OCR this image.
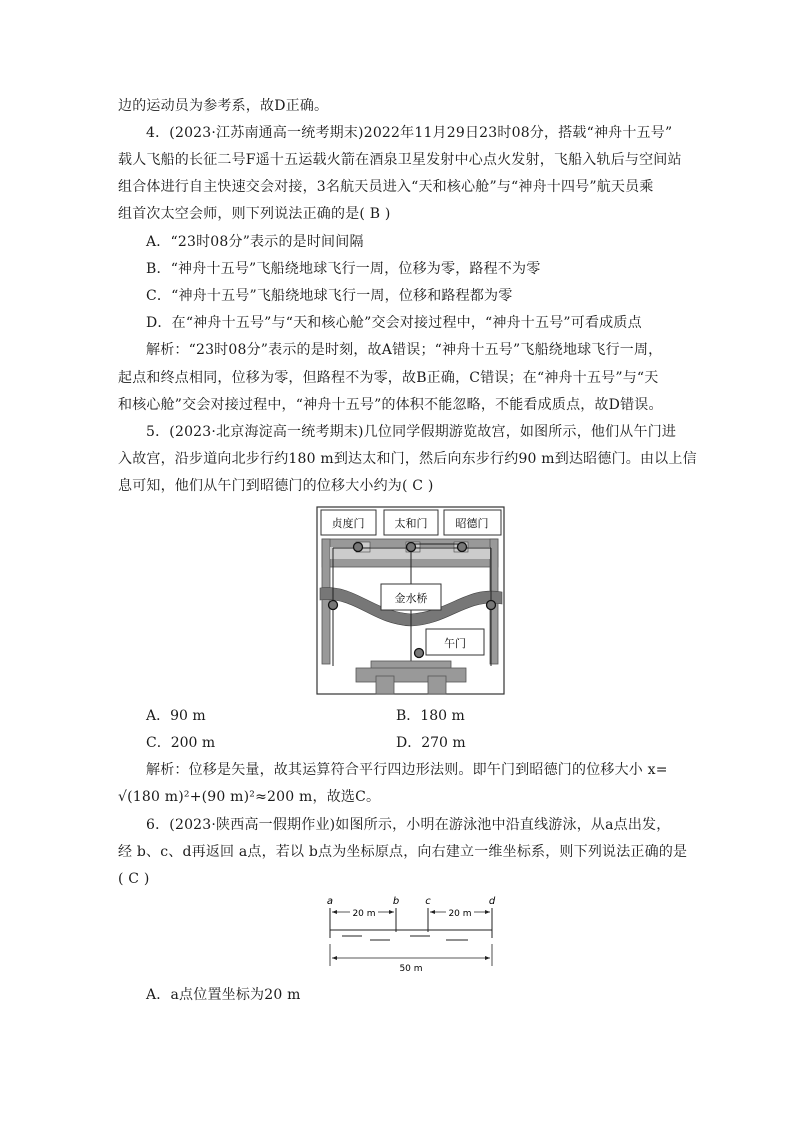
边的运动员为参考系，故D正确。
4．(2023·江苏南通高一统考期末)2022年11月29日23时08分，搭载“神舟十五号”
载人飞船的长征二号F遥十五运载火箭在酒泉卫星发射中心点火发射，飞船入轨后与空间站
组合体进行自主快速交会对接，3名航天员进入“天和核心舱”与“神舟十四号”航天员乘
组首次太空会师，则下列说法正确的是( B )
A．“23时08分”表示的是时间间隔
B．“神舟十五号”飞船绕地球飞行一周，位移为零，路程不为零
C．“神舟十五号”飞船绕地球飞行一周，位移和路程都为零
D．在“神舟十五号”与“天和核心舱”交会对接过程中，“神舟十五号”可看成质点
解析：“23时08分”表示的是时刻，故A错误；“神舟十五号”飞船绕地球飞行一周，
起点和终点相同，位移为零，但路程不为零，故B正确，C错误；在“神舟十五号”与“天
和核心舱”交会对接过程中，“神舟十五号”的体积不能忽略，不能看成质点，故D错误。
5．(2023·北京海淀高一统考期末)几位同学假期游览故宫，如图所示，他们从午门进
入故宫，沿步道向北步行约180 m到达太和门，然后向东步行约90 m到达昭德门。由以上信
息可知，他们从午门到昭德门的位移大小约为( C )
贞度门	太和门	昭德门
金水桥
午门
A．90 m	B．180 m
C．200 m	D．270 m
解析：位移是矢量，故其运算符合平行四边形法则。即午门到昭德门的位移大小 x=
√(180 m)²+(90 m)²≈200 m，故选C。
6．(2023·陕西高一假期作业)如图所示，小明在游泳池中沿直线游泳，从a点出发，
经 b、c、d再返回 a点，若以 b点为坐标原点，向右建立一维坐标系，则下列说法正确的是
( C )
a	b	c	d
20 m	20 m
50 m
A．a点位置坐标为20 m
